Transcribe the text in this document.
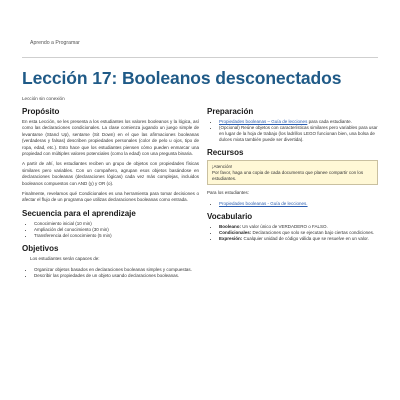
Aprendo a Programar
Lección 17: Booleanos desconectados
Lección sin conexión
Propósito

En esta Lección, se les presenta a los estudiantes los valores booleanos y la lógica, así como las declaraciones condicionales. La clase comienza jugando un juego simple de levantarse (Stand Up), sentarse (Sit Down) en el que las afirmaciones booleanas (verdaderas y falsas) describen propiedades personales (color de pelo u ojos, tipo de ropa, edad, etc.). Esto hace que los estudiantes piensen cómo pueden enmarcar una propiedad con múltiples valores potenciales (como la edad) con una pregunta binaria.

A partir de ahí, los estudiantes reciben un grupo de objetos con propiedades físicas similares pero variables. Con un compañero, agrupan esos objetos basándose en declaraciones booleanas (declaraciones lógicas) cada vez más complejas, incluidos booleanos compuestos con AND (y) y OR (o).

Finalmente, revelamos qué Condicionales es una herramienta para tomar decisiones o afectar el flujo de un programa que utilizas declaraciones booleanas como entrada.

Secuencia para el aprendizaje
• Conocimiento inicial (10 min)
• Ampliación del conocimiento (30 min)
• Transferencia del conocimiento (5 min)
Objetivos

Los estudiantes serán capaces de:

• Organizar objetos basados en declaraciones booleanas simples y compuestas.
• Describir las propiedades de un objeto usando declaraciones booleanas.
Preparación
• Propiedades booleanas – Guía de lecciones para cada estudiante.
• (Opcional) Reúne objetos con características similares pero variables para usar en lugar de la hoja de trabajo (los ladrillos LEGO funcionan bien, una bolsa de dulces mixta también puede ser divertida).
Recursos

¡Atención!

Por favor, haga una copia de cada documento que planee compartir con los estudiantes.

Para los estudiantes:

• Propiedades booleanas - Guía de lecciones.
Vocabulario
• Booleano: Un valor único de VERDADERO o FALSO.
• Condicionales: Declaraciones que solo se ejecutan bajo ciertas condiciones.
• Expresión: Cualquier unidad de código válida que se resuelve en un valor.
